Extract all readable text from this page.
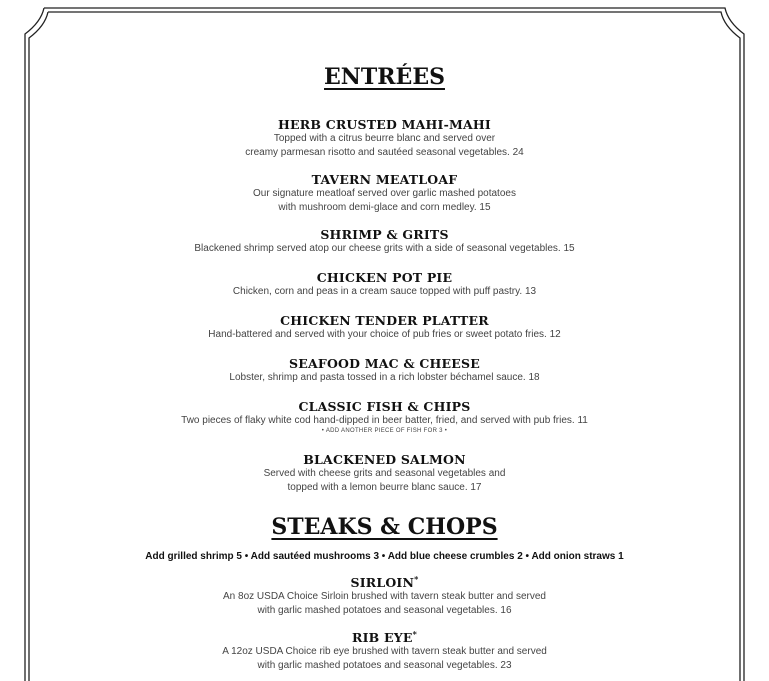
ENTRÉES
HERB CRUSTED MAHI-MAHI
Topped with a citrus beurre blanc and served over
creamy parmesan risotto and sautéed seasonal vegetables. 24
TAVERN MEATLOAF
Our signature meatloaf served over garlic mashed potatoes
with mushroom demi-glace and corn medley. 15
SHRIMP & GRITS
Blackened shrimp served atop our cheese grits with a side of seasonal vegetables. 15
CHICKEN POT PIE
Chicken, corn and peas in a cream sauce topped with puff pastry. 13
CHICKEN TENDER PLATTER
Hand-battered and served with your choice of pub fries or sweet potato fries. 12
SEAFOOD MAC & CHEESE
Lobster, shrimp and pasta tossed in a rich lobster béchamel sauce. 18
CLASSIC FISH & CHIPS
Two pieces of flaky white cod hand-dipped in beer batter, fried, and served with pub fries. 11
• ADD ANOTHER PIECE OF FISH FOR 3 •
BLACKENED SALMON
Served with cheese grits and seasonal vegetables and
topped with a lemon beurre blanc sauce. 17
STEAKS & CHOPS
Add grilled shrimp 5 • Add sautéed mushrooms 3 • Add blue cheese crumbles 2 • Add onion straws 1
SIRLOIN*
An 8oz USDA Choice Sirloin brushed with tavern steak butter and served
with garlic mashed potatoes and seasonal vegetables. 16
RIB EYE*
A 12oz USDA Choice rib eye brushed with tavern steak butter and served
with garlic mashed potatoes and seasonal vegetables. 23
